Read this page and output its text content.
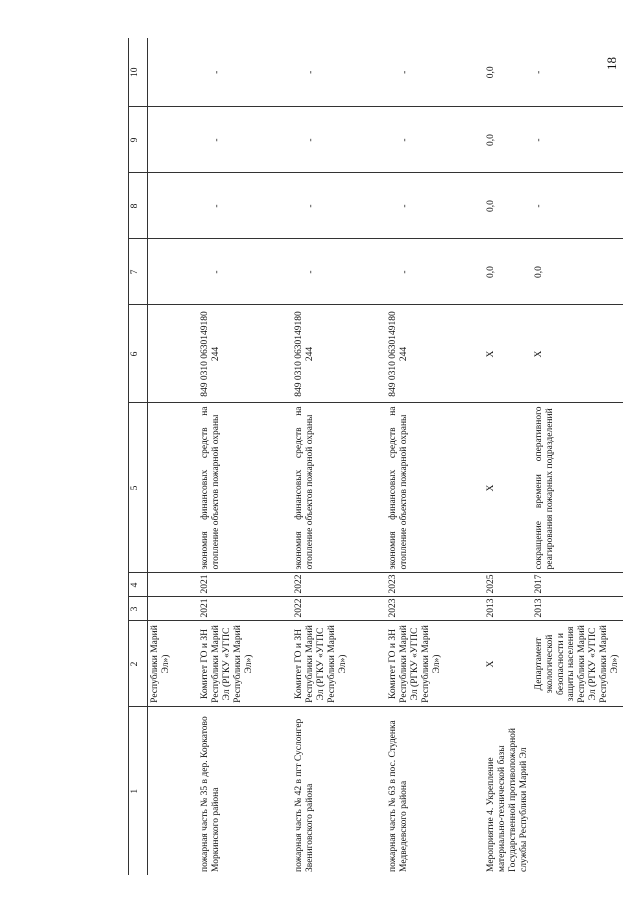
18
1	2	3	4	5	6	7	8	9	10
	Республики Марий Эл»)								
пожарная часть № 35 в дер. Коркатово Моркинского района	Комитет ГО и ЗН Республики Марий Эл (РГКУ «УГПС Республики Марий Эл»)	2021	2021	экономия финансовых средств на отопление объектов пожарной охраны	849 0310 0630149180 244	-	-	-	-
пожарная часть № 42 в пгт Суслонгер Звениговского района	Комитет ГО и ЗН Республики Марий Эл (РГКУ «УГПС Республики Марий Эл»)	2022	2022	экономия финансовых средств на отопление объектов пожарной охраны	849 0310 0630149180 244	-	-	-	-
пожарная часть № 63 в пос. Студенка Медведевского района	Комитет ГО и ЗН Республики Марий Эл (РГКУ «УГПС Республики Марий Эл»)	2023	2023	экономия финансовых средств на отопление объектов пожарной охраны	849 0310 0630149180 244	-	-	-	-
Мероприятие 4. Укрепление материально-технической базы Государственной противопожарной службы Республики Марий Эл	Х	2013	2025	Х	Х	0,0	0,0	0,0	0,0
	Департамент экологической безопасности и защиты населения Республики Марий Эл (РГКУ «УГПС Республики Марий Эл»)	2013	2017	сокращение времени оперативного реагирования пожарных подразделений	Х	0,0	-	-	-
